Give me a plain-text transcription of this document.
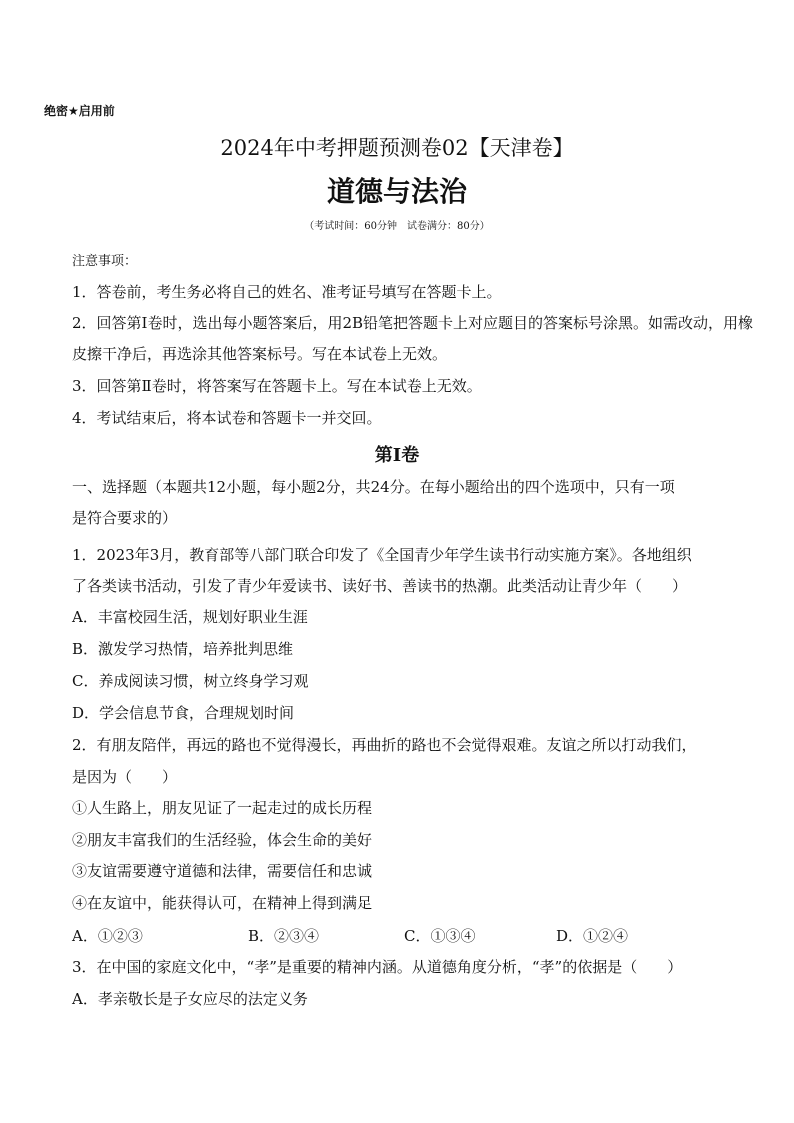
绝密★启用前
2024年中考押题预测卷02【天津卷】
道德与法治
（考试时间：60分钟　试卷满分：80分）
注意事项：
1．答卷前，考生务必将自己的姓名、准考证号填写在答题卡上。
2．回答第Ⅰ卷时，选出每小题答案后，用2B铅笔把答题卡上对应题目的答案标号涂黑。如需改动，用橡
皮擦干净后，再选涂其他答案标号。写在本试卷上无效。
3．回答第Ⅱ卷时，将答案写在答题卡上。写在本试卷上无效。
4．考试结束后，将本试卷和答题卡一并交回。
第Ⅰ卷
一、选择题（本题共12小题，每小题2分，共24分。在每小题给出的四个选项中，只有一项
是符合要求的）
1．2023年3月，教育部等八部门联合印发了《全国青少年学生读书行动实施方案》。各地组织
了各类读书活动，引发了青少年爱读书、读好书、善读书的热潮。此类活动让青少年（　　）
A．丰富校园生活，规划好职业生涯
B．激发学习热情，培养批判思维
C．养成阅读习惯，树立终身学习观
D．学会信息节食，合理规划时间
2．有朋友陪伴，再远的路也不觉得漫长，再曲折的路也不会觉得艰难。友谊之所以打动我们，
是因为（　　）
①人生路上，朋友见证了一起走过的成长历程
②朋友丰富我们的生活经验，体会生命的美好
③友谊需要遵守道德和法律，需要信任和忠诚
④在友谊中，能获得认可，在精神上得到满足
A．①②③	B．②③④	C．①③④	D．①②④
3．在中国的家庭文化中，“孝”是重要的精神内涵。从道德角度分析，“孝”的依据是（　　）
A．孝亲敬长是子女应尽的法定义务
